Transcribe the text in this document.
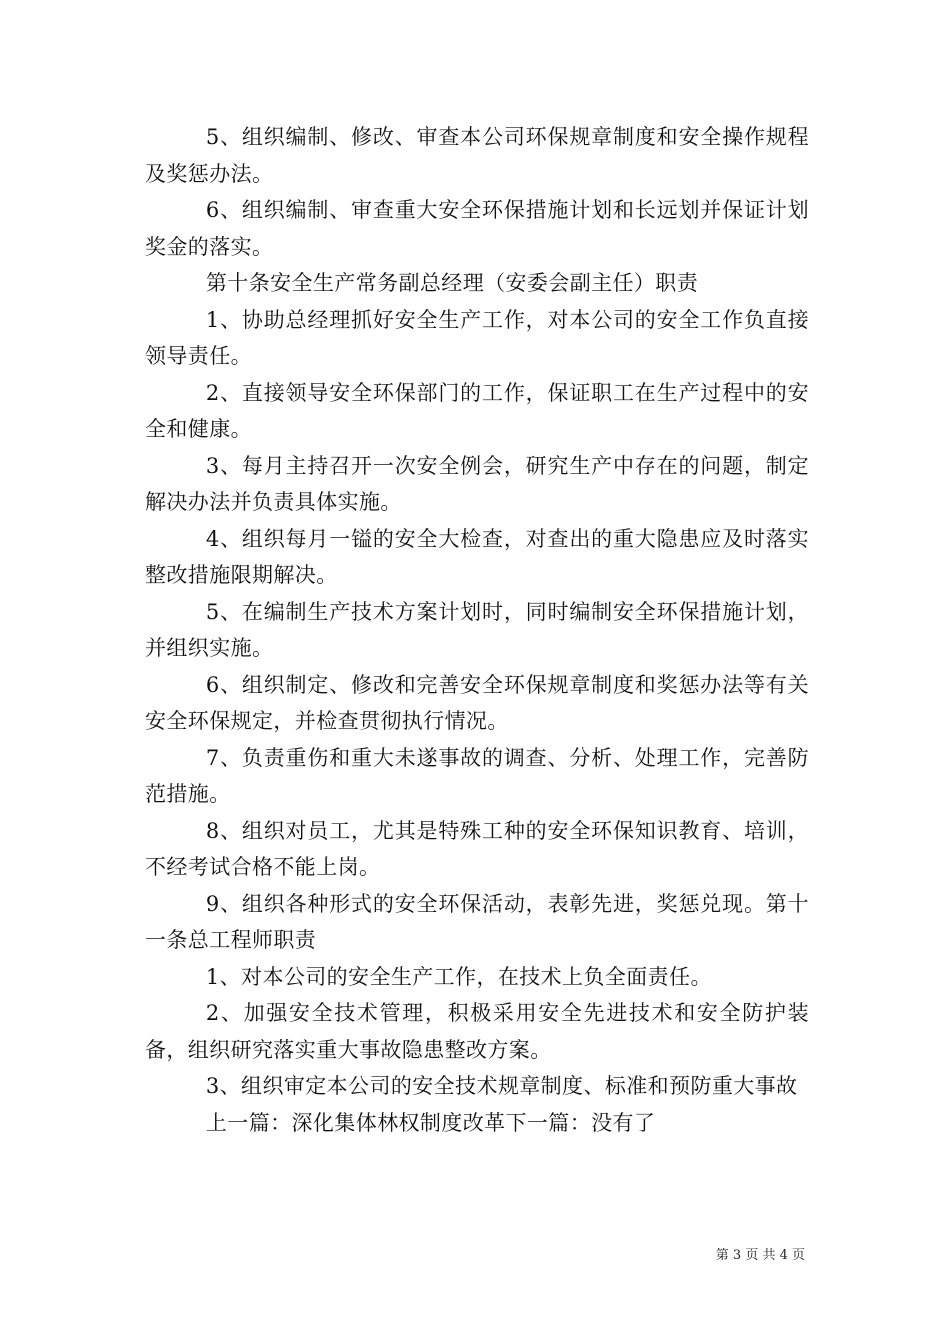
5、组织编制、修改、审查本公司环保规章制度和安全操作规程及奖惩办法。

6、组织编制、审查重大安全环保措施计划和长远划并保证计划奖金的落实。

第十条安全生产常务副总经理（安委会副主任）职责

1、协助总经理抓好安全生产工作，对本公司的安全工作负直接领导责任。

2、直接领导安全环保部门的工作，保证职工在生产过程中的安全和健康。

3、每月主持召开一次安全例会，研究生产中存在的问题，制定解决办法并负责具体实施。

4、组织每月一镒的安全大检查，对查出的重大隐患应及时落实整改措施限期解决。

5、在编制生产技术方案计划时，同时编制安全环保措施计划，并组织实施。

6、组织制定、修改和完善安全环保规章制度和奖惩办法等有关安全环保规定，并检查贯彻执行情况。

7、负责重伤和重大未遂事故的调查、分析、处理工作，完善防范措施。

8、组织对员工，尤其是特殊工种的安全环保知识教育、培训，不经考试合格不能上岗。

9、组织各种形式的安全环保活动，表彰先进，奖惩兑现。第十一条总工程师职责

1、对本公司的安全生产工作，在技术上负全面责任。

2、加强安全技术管理，积极采用安全先进技术和安全防护装备，组织研究落实重大事故隐患整改方案。

3、组织审定本公司的安全技术规章制度、标准和预防重大事故

上一篇：深化集体林权制度改革下一篇：没有了

第 3 页 共 4 页
